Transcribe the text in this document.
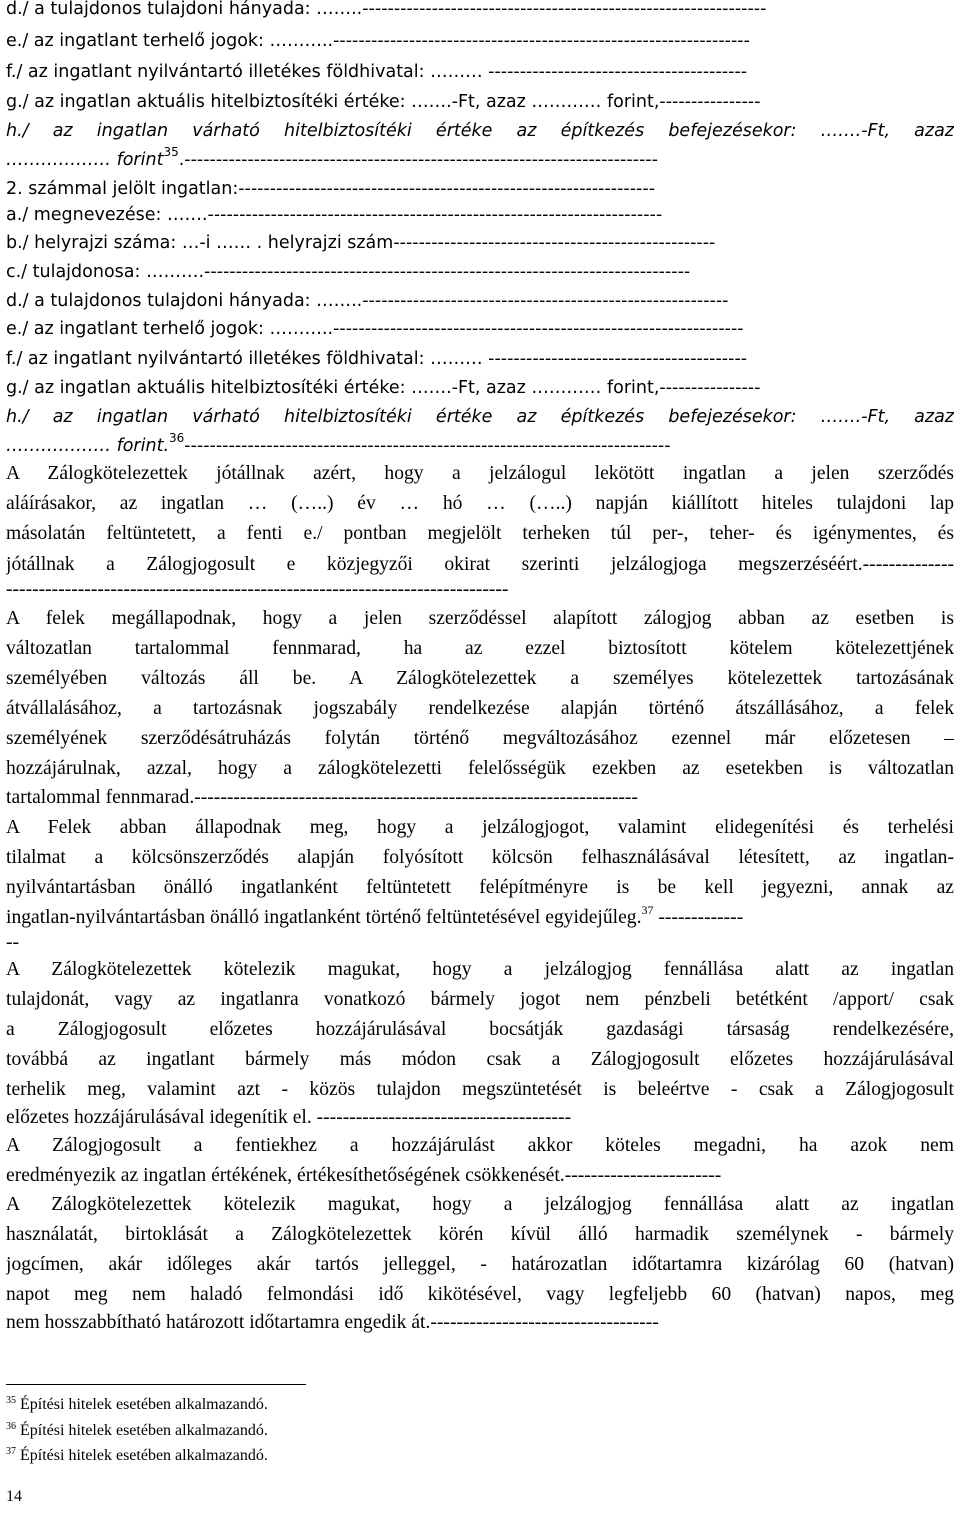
d./ a tulajdonos tulajdoni hányada: ……..----------------------------------------------------------------
e./ az ingatlant terhelő jogok: ………..------------------------------------------------------------------
f./ az ingatlant nyilvántartó illetékes földhivatal: ……… -----------------------------------------
g./ az ingatlan aktuális hitelbiztosítéki értéke: …….-Ft, azaz ………… forint,----------------
h./ az ingatlan várható hitelbiztosítéki értéke az építkezés befejezésekor: …….-Ft, azaz
……………… forint$^{35}$.---------------------------------------------------------------------------
2. számmal jelölt ingatlan:------------------------------------------------------------------
a./ megnevezése: …….------------------------------------------------------------------------
b./ helyrajzi száma: …-i …… . helyrajzi szám---------------------------------------------------
c./ tulajdonosa: ……….-----------------------------------------------------------------------------
d./ a tulajdonos tulajdoni hányada: ……..----------------------------------------------------------
e./ az ingatlant terhelő jogok: ………..-----------------------------------------------------------------
f./ az ingatlant nyilvántartó illetékes földhivatal: ……… -----------------------------------------
g./ az ingatlan aktuális hitelbiztosítéki értéke: …….-Ft, azaz ………… forint,----------------
h./ az ingatlan várható hitelbiztosítéki értéke az építkezés befejezésekor: …….-Ft, azaz
……………… forint.$^{36}$-----------------------------------------------------------------------------
A Zálogkötelezettek jótállnak azért, hogy a jelzálogul lekötött ingatlan a jelen szerződés
aláírásakor, az ingatlan … (…..) év … hó … (…..) napján kiállított hiteles tulajdoni lap
másolatán feltüntetett, a fenti e./ pontban megjelölt terheken túl per-, teher- és igénymentes, és
jótállnak a Zálogjogosult e közjegyzői okirat szerinti jelzálogjoga megszerzéséért.--------------
-----------------------------------------------------------------------------
A felek megállapodnak, hogy a jelen szerződéssel alapított zálogjog abban az esetben is
változatlan tartalommal fennmarad, ha az ezzel biztosított kötelem kötelezettjének
személyében változás áll be. A Zálogkötelezettek a személyes kötelezettek tartozásának
átvállalásához, a tartozásnak jogszabály rendelkezése alapján történő átszállásához, a felek
személyének szerződésátruházás folytán történő megváltozásához ezennel már előzetesen –
hozzájárulnak, azzal, hogy a zálogkötelezetti felelősségük ezekben az esetekben is változatlan
tartalommal fennmarad.--------------------------------------------------------------------
A Felek abban állapodnak meg, hogy a jelzálogjogot, valamint elidegenítési és terhelési
tilalmat a kölcsönszerződés alapján folyósított kölcsön felhasználásával létesített, az ingatlan-
nyilvántartásban önálló ingatlanként feltüntetett felépítményre is be kell jegyezni, annak az
ingatlan-nyilvántartásban önálló ingatlanként történő feltüntetésével egyidejűleg.$^{37}$ -------------
--
A Zálogkötelezettek kötelezik magukat, hogy a jelzálogjog fennállása alatt az ingatlan
tulajdonát, vagy az ingatlanra vonatkozó bármely jogot nem pénzbeli betétként /apport/ csak
a Zálogjogosult előzetes hozzájárulásával bocsátják gazdasági társaság rendelkezésére,
továbbá az ingatlant bármely más módon csak a Zálogjogosult előzetes hozzájárulásával
terhelik meg, valamint azt - közös tulajdon megszüntetését is beleértve - csak a Zálogjogosult
előzetes hozzájárulásával idegenítik el. ---------------------------------------
A Zálogjogosult a fentiekhez a hozzájárulást akkor köteles megadni, ha azok nem
eredményezik az ingatlan értékének, értékesíthetőségének csökkenését.------------------------
A Zálogkötelezettek kötelezik magukat, hogy a jelzálogjog fennállása alatt az ingatlan
használatát, birtoklását a Zálogkötelezettek körén kívül álló harmadik személynek - bármely
jogcímen, akár időleges akár tartós jelleggel, - határozatlan időtartamra kizárólag 60 (hatvan)
napot meg nem haladó felmondási idő kikötésével, vagy legfeljebb 60 (hatvan) napos, meg
nem hosszabbítható határozott időtartamra engedik át.-----------------------------------
$^{35}$ Építési hitelek esetében alkalmazandó.
$^{36}$ Építési hitelek esetében alkalmazandó.
$^{37}$ Építési hitelek esetében alkalmazandó.
14
